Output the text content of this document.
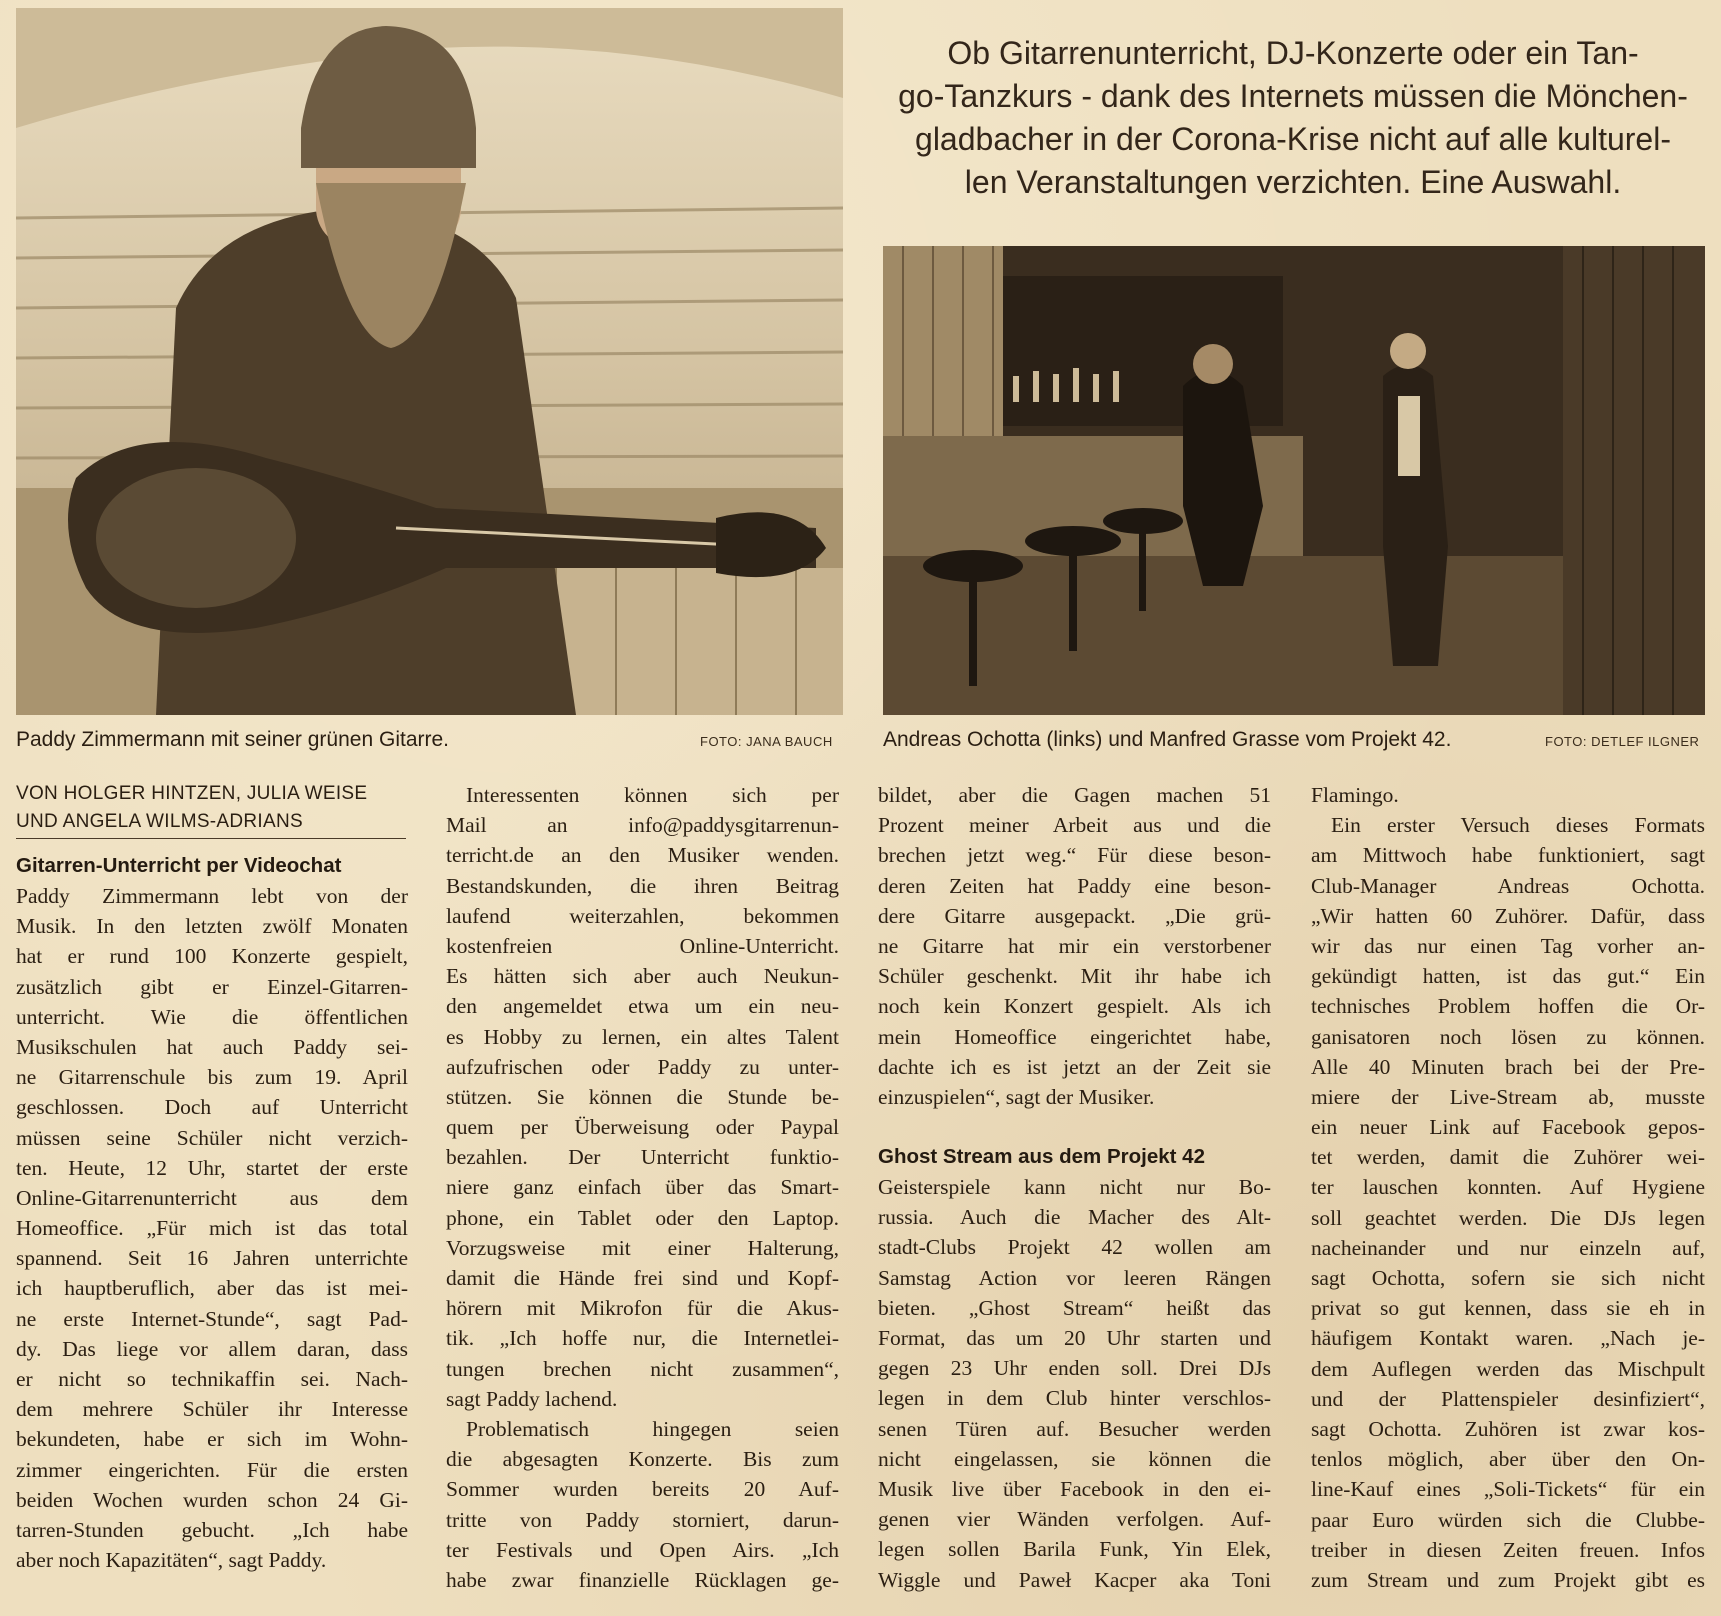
Ob Gitarrenunterricht, DJ-Konzerte oder ein Tan-
go-Tanzkurs - dank des Internets müssen die Mönchen-
gladbacher in der Corona-Krise nicht auf alle kulturel-
len Veranstaltungen verzichten. Eine Auswahl.

Paddy Zimmermann mit seiner grünen Gitarre.	FOTO: JANA BAUCH Andreas Ochotta (links) und Manfred Grasse vom Projekt 42.	FOTO: DETLEF ILGNER
VON HOLGER HINTZEN, JULIA WEISE
UND ANGELA WILMS-ADRIANS
Gitarren-Unterricht per Videochat
Paddy Zimmermann lebt von der
Musik. In den letzten zwölf Monaten
hat er rund 100 Konzerte gespielt,
zusätzlich gibt er Einzel-Gitarren-
unterricht. Wie die öffentlichen
Musikschulen hat auch Paddy sei-
ne Gitarrenschule bis zum 19. April
geschlossen. Doch auf Unterricht
müssen seine Schüler nicht verzich-
ten. Heute, 12 Uhr, startet der erste
Online-Gitarrenunterricht aus dem
Homeoffice. „Für mich ist das total
spannend. Seit 16 Jahren unterrichte
ich hauptberuflich, aber das ist mei-
ne erste Internet-Stunde“, sagt Pad-
dy. Das liege vor allem daran, dass
er nicht so technikaffin sei. Nach-
dem mehrere Schüler ihr Interesse
bekundeten, habe er sich im Wohn-
zimmer eingerichten. Für die ersten
beiden Wochen wurden schon 24 Gi-
tarren-Stunden gebucht. „Ich habe
aber noch Kapazitäten“, sagt Paddy.
Interessenten können sich per
Mail an info@paddysgitarrenun-
terricht.de an den Musiker wenden.
Bestandskunden, die ihren Beitrag
laufend weiterzahlen, bekommen
kostenfreien Online-Unterricht.
Es hätten sich aber auch Neukun-
den angemeldet etwa um ein neu-
es Hobby zu lernen, ein altes Talent
aufzufrischen oder Paddy zu unter-
stützen. Sie können die Stunde be-
quem per Überweisung oder Paypal
bezahlen. Der Unterricht funktio-
niere ganz einfach über das Smart-
phone, ein Tablet oder den Laptop.
Vorzugsweise mit einer Halterung,
damit die Hände frei sind und Kopf-
hörern mit Mikrofon für die Akus-
tik. „Ich hoffe nur, die Internetlei-
tungen brechen nicht zusammen“,
sagt Paddy lachend.
Problematisch hingegen seien
die abgesagten Konzerte. Bis zum
Sommer wurden bereits 20 Auf-
tritte von Paddy storniert, darun-
ter Festivals und Open Airs. „Ich
habe zwar finanzielle Rücklagen ge-
bildet, aber die Gagen machen 51
Prozent meiner Arbeit aus und die
brechen jetzt weg.“ Für diese beson-
deren Zeiten hat Paddy eine beson-
dere Gitarre ausgepackt. „Die grü-
ne Gitarre hat mir ein verstorbener
Schüler geschenkt. Mit ihr habe ich
noch kein Konzert gespielt. Als ich
mein Homeoffice eingerichtet habe,
dachte ich es ist jetzt an der Zeit sie
einzuspielen“, sagt der Musiker.
Ghost Stream aus dem Projekt 42
Geisterspiele kann nicht nur Bo-
russia. Auch die Macher des Alt-
stadt-Clubs Projekt 42 wollen am
Samstag Action vor leeren Rängen
bieten. „Ghost Stream“ heißt das
Format, das um 20 Uhr starten und
gegen 23 Uhr enden soll. Drei DJs
legen in dem Club hinter verschlos-
senen Türen auf. Besucher werden
nicht eingelassen, sie können die
Musik live über Facebook in den ei-
genen vier Wänden verfolgen. Auf-
legen sollen Barila Funk, Yin Elek,
Wiggle und Paweł Kacper aka Toni
Flamingo.
Ein erster Versuch dieses Formats
am Mittwoch habe funktioniert, sagt
Club-Manager Andreas Ochotta.
„Wir hatten 60 Zuhörer. Dafür, dass
wir das nur einen Tag vorher an-
gekündigt hatten, ist das gut.“ Ein
technisches Problem hoffen die Or-
ganisatoren noch lösen zu können.
Alle 40 Minuten brach bei der Pre-
miere der Live-Stream ab, musste
ein neuer Link auf Facebook gepos-
tet werden, damit die Zuhörer wei-
ter lauschen konnten. Auf Hygiene
soll geachtet werden. Die DJs legen
nacheinander und nur einzeln auf,
sagt Ochotta, sofern sie sich nicht
privat so gut kennen, dass sie eh in
häufigem Kontakt waren. „Nach je-
dem Auflegen werden das Mischpult
und der Plattenspieler desinfiziert“,
sagt Ochotta. Zuhören ist zwar kos-
tenlos möglich, aber über den On-
line-Kauf eines „Soli-Tickets“ für ein
paar Euro würden sich die Clubbe-
treiber in diesen Zeiten freuen. Infos
zum Stream und zum Projekt gibt es
